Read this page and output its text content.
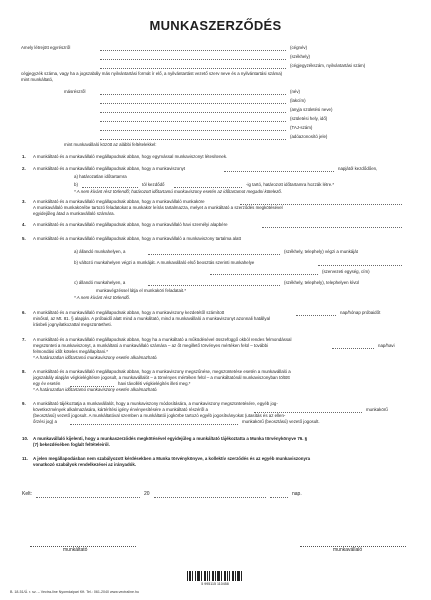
MUNKASZERZŐDÉS
Amely létrejött egyrészről	(cégnév)
(székhely)
(cégjegyzékszám, nyilvántartási szám)
cégjegyzék száma, vagy ha a jogszabály más nyilvántartási formát ír elő, a nyilvántartást vezető szerv neve és a nyilvántartási száma)
mint munkáltató,
másrészről	(név)
(lakcím)
(anyja születési neve)
(születési hely, idő)
(TAJ-szám)
(adóazonosító jele)
mint munkavállaló között az alábbi feltételekkel:
1. A munkáltató és a munkavállaló megállapodnak abban, hogy egymással munkaviszonyt létesítenek.
2. A munkáltató és a munkavállaló megállapodnak abban, hogy a munkaviszonyt	napjától kezdődően,
a) határozatlan időtartamra
b)	tól kezdődő	-ig tartó, határozott időtartamra hozzák létre.*
* A nem kívánt rész törlendő; határozott időtartamú munkaviszony esetén az időtartamot megadni kötelező.
3. A munkáltató és a munkavállaló megállapodnak abban, hogy a munkavállaló munkaköre
A munkavállaló munkakörébe tartozó feladatokat a munkakör leírás tartalmazza, melyet a munkáltató a szerződés megkötésével
egyidejűleg átad a munkavállaló számára.
4. A munkáltató és a munkavállaló megállapodnak abban, hogy a munkavállaló havi személyi alapbére
5. A munkáltató és a munkavállaló megállapodnak abban, hogy a munkavállaló a munkaviszony tartalma alatt
a) állandó munkahelyen, a	(székhely, telephely) végzi a munkáját
b) változó munkahelyen végzi a munkáját. A munkavállaló első beosztás szerinti munkahelye
(szervezeti egység, cím)
c) állandó munkahelyen, a	(székhely, telephely), telephelyen kívül
munkavégzéssel látja el munkaköri feladatait.*
* A nem kívánt rész törlendő.
6. A munkáltató és a munkavállaló megállapodnak abban, hogy a munkaviszony kezdetétől számított	nap/hónap próbaidőt
minősül, az Mt. 81. § alapján. A próbaidő alatt mind a munkáltató, mind a munkavállaló a munkaviszonyt azonnali hatállyal
írásbeli jognyilatkozattal megszüntetheti.
7. A munkáltató és a munkavállaló megállapodnak abban, hogy ha a munkáltató a működésével összefüggő okból rendes felmondással
megszünteti a munkaviszonyt, a munkáltató a munkavállaló számára – az őt megillető törvényes mértéken felül – további	nap/havi
felmondási időt köteles megállapítani.*
* A határozatlan időtartamú munkaviszony esetén alkalmazható.
8. A munkáltató és a munkavállaló megállapodnak abban, hogy a munkaviszony megszűnése, megszüntetése esetén a munkavállaló a
jogszabály alapján végkielégítésre jogosult, a munkavállalót – a törvényes mértéken felül – a munkáltatónál munkaviszonyban töltött
egy év esetén	havi távolléti végkielégítés illeti meg.*
* A határozatlan időtartamú munkaviszony esetén alkalmazható.
9. A munkáltató tájékoztatja a munkavállalót, hogy a munkaviszony módosítására, a munkaviszony megszüntetésére, egyéb jog-
következmények alkalmazására, kártérítési igény érvényesítésére a munkáltató részéről a	munkakörű
(beosztású) vezető jogosult. A munkáltatóval szemben a munkáltatói jogkörbe tartozó egyéb jogosítványokat (utasítás és az ellen-
őrzési jog) a	munkakörű (beosztású) vezető jogosult.
10. A munkavállaló kijelenti, hogy a munkaszerződés megkötésével egyidejűleg a munkáltató tájékoztatta a Munka törvénykönyve 76. §
(7) bekezdésében foglalt feltételeiről.
11. A jelen megállapodásban nem szabályozott kérdésekben a Munka törvénykönyve, a kollektív szerződés és az egyéb munkaviszonyra
vonatkozó szabályok rendelkezései az irányadók.
Kelt:	20	nap.
munkáltató	munkavállaló
5 995115 110458
B. 18-51/Ú. r. sz. – Vectra-line Nyomdaipari Kft. Tel.: 061-2040 www.vectraline.hu
